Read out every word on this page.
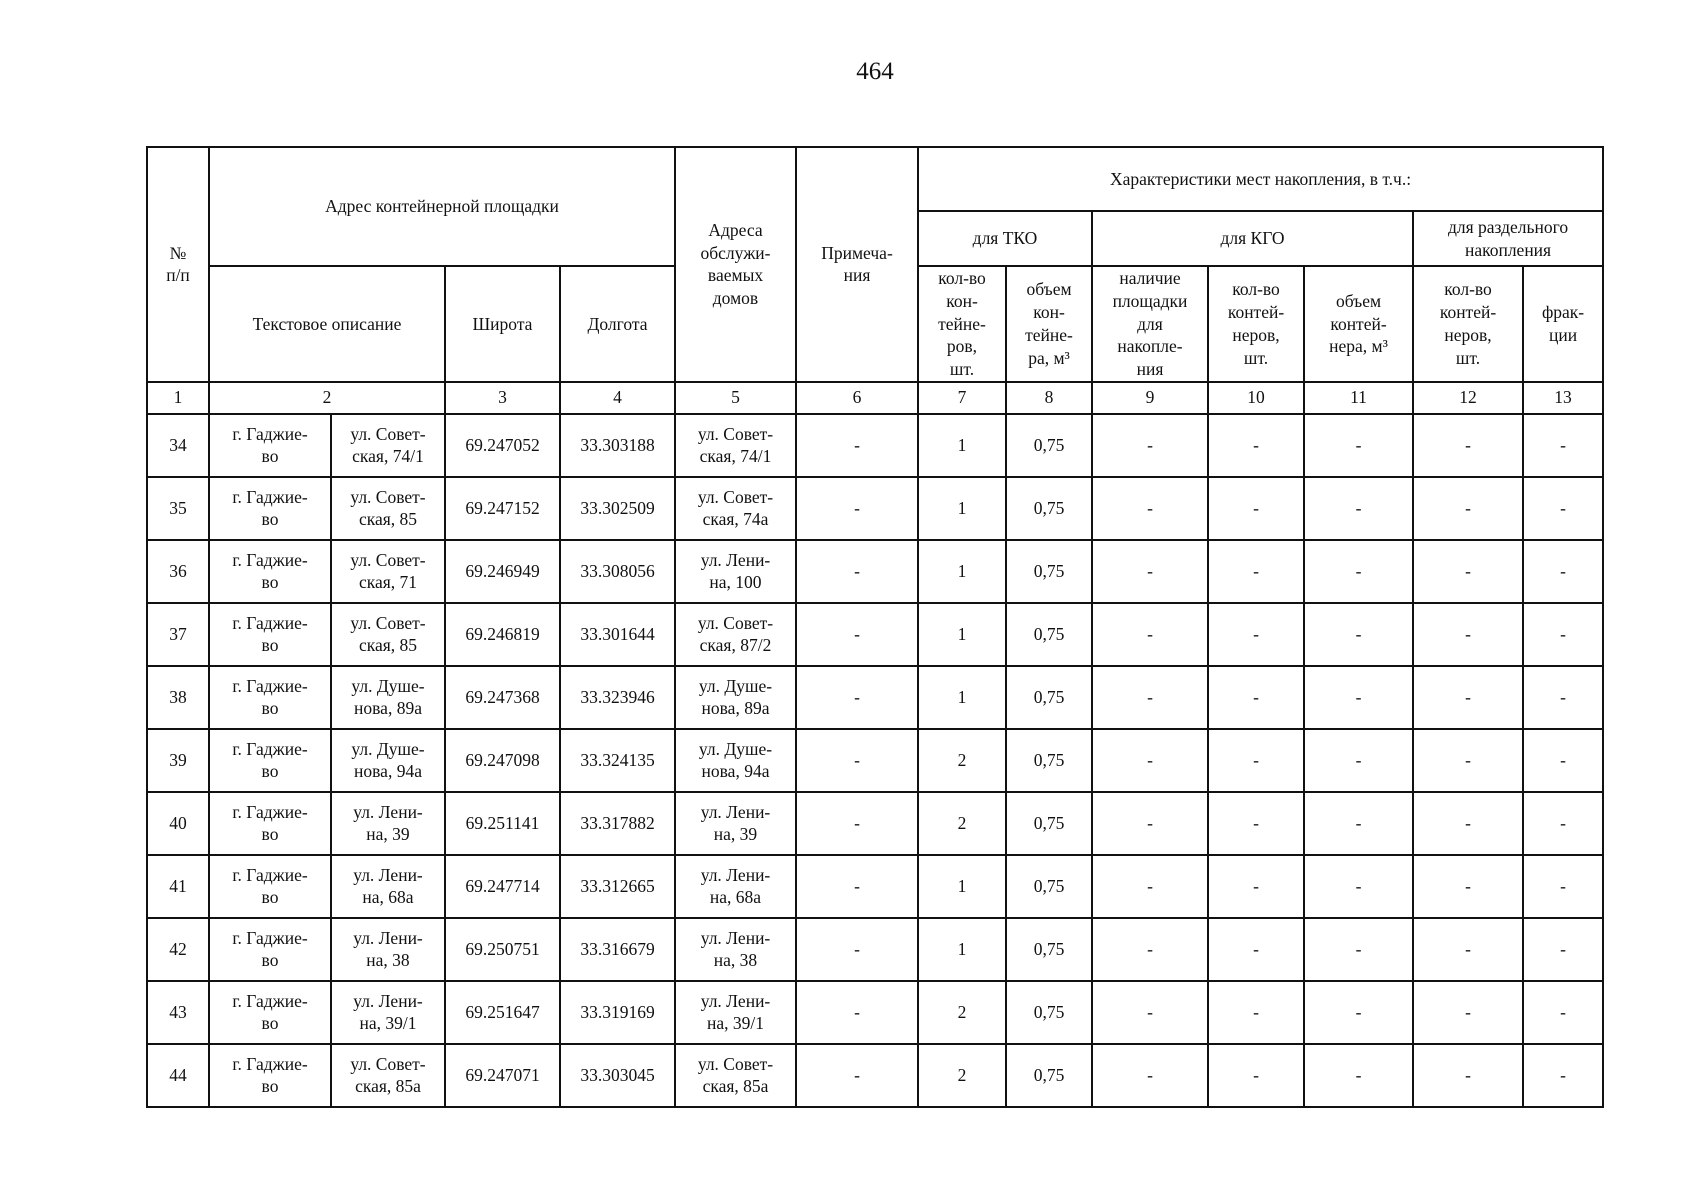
464
№
п/п	Адрес контейнерной площадки				Адреса
обслужи-
ваемых
домов	Примеча-
ния	Характеристики мест накопления, в т.ч.:						
							для ТКО		для КГО			для раздельного
накопления	
							кол-во
кон-
тейне-
ров,
шт.	объем
кон-
тейне-
ра, м³	наличие
площадки
для
накопле-
ния	кол-во
контей-
неров,
шт.	объем
контей-
нера, м³	кол-во
контей-
неров,
шт.	фрак-
ции
	Текстовое описание		Широта	Долгота									
1	2		3	4	5	6	7	8	9	10	11	12	13
34	г. Гаджие-
во	ул. Совет-
ская, 74/1	69.247052	33.303188	ул. Совет-
ская, 74/1	-	1	0,75	-	-	-	-	-
35	г. Гаджие-
во	ул. Совет-
ская, 85	69.247152	33.302509	ул. Совет-
ская, 74а	-	1	0,75	-	-	-	-	-
36	г. Гаджие-
во	ул. Совет-
ская, 71	69.246949	33.308056	ул. Лени-
на, 100	-	1	0,75	-	-	-	-	-
37	г. Гаджие-
во	ул. Совет-
ская, 85	69.246819	33.301644	ул. Совет-
ская, 87/2	-	1	0,75	-	-	-	-	-
38	г. Гаджие-
во	ул. Душе-
нова, 89а	69.247368	33.323946	ул. Душе-
нова, 89а	-	1	0,75	-	-	-	-	-
39	г. Гаджие-
во	ул. Душе-
нова, 94а	69.247098	33.324135	ул. Душе-
нова, 94а	-	2	0,75	-	-	-	-	-
40	г. Гаджие-
во	ул. Лени-
на, 39	69.251141	33.317882	ул. Лени-
на, 39	-	2	0,75	-	-	-	-	-
41	г. Гаджие-
во	ул. Лени-
на, 68а	69.247714	33.312665	ул. Лени-
на, 68а	-	1	0,75	-	-	-	-	-
42	г. Гаджие-
во	ул. Лени-
на, 38	69.250751	33.316679	ул. Лени-
на, 38	-	1	0,75	-	-	-	-	-
43	г. Гаджие-
во	ул. Лени-
на, 39/1	69.251647	33.319169	ул. Лени-
на, 39/1	-	2	0,75	-	-	-	-	-
44	г. Гаджие-
во	ул. Совет-
ская, 85а	69.247071	33.303045	ул. Совет-
ская, 85а	-	2	0,75	-	-	-	-	-
